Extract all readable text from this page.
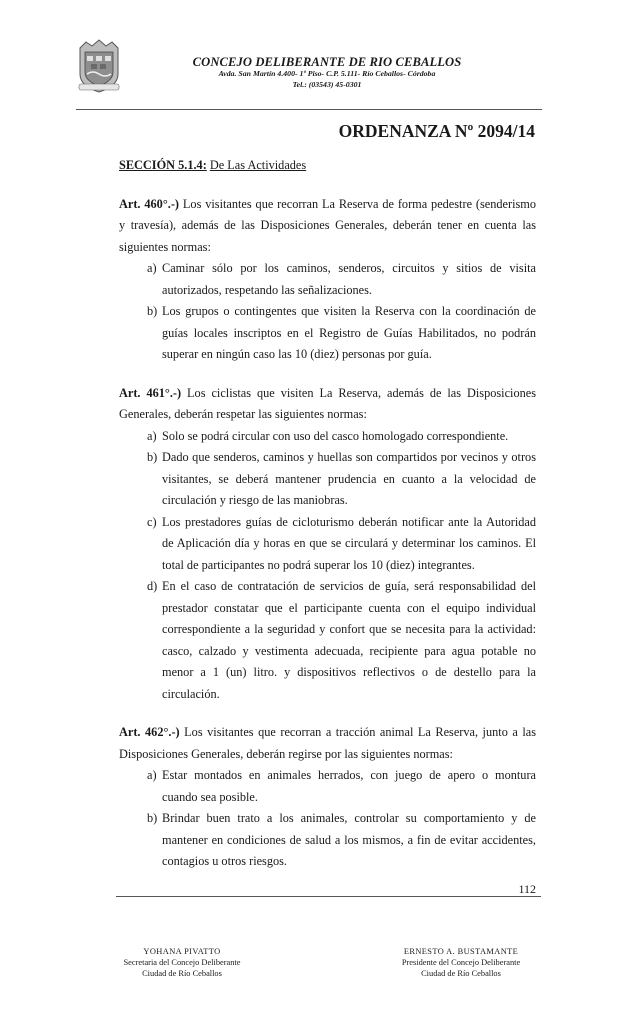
CONCEJO DELIBERANTE DE RIO CEBALLOS
Avda. San Martín 4.400- 1º Piso- C.P. 5.111- Río Ceballos- Córdoba
Tel.: (03543) 45-0301
ORDENANZA Nº 2094/14

SECCIÓN 5.1.4: De Las Actividades

Art. 460°.-) Los visitantes que recorran La Reserva de forma pedestre (senderismo y travesía), además de las Disposiciones Generales, deberán tener en cuenta las siguientes normas:

a) Caminar sólo por los caminos, senderos, circuitos y sitios de visita autorizados, respetando las señalizaciones.
b) Los grupos o contingentes que visiten la Reserva con la coordinación de guías locales inscriptos en el Registro de Guías Habilitados, no podrán superar en ningún caso las 10 (diez) personas por guía.

Art. 461°.-) Los ciclistas que visiten La Reserva, además de las Disposiciones Generales, deberán respetar las siguientes normas:

a) Solo se podrá circular con uso del casco homologado correspondiente.
b) Dado que senderos, caminos y huellas son compartidos por vecinos y otros visitantes, se deberá mantener prudencia en cuanto a la velocidad de circulación y riesgo de las maniobras.
c) Los prestadores guías de cicloturismo deberán notificar ante la Autoridad de Aplicación día y horas en que se circulará y determinar los caminos. El total de participantes no podrá superar los 10 (diez) integrantes.
d) En el caso de contratación de servicios de guía, será responsabilidad del prestador constatar que el participante cuenta con el equipo individual correspondiente a la seguridad y confort que se necesita para la actividad: casco, calzado y vestimenta adecuada, recipiente para agua potable no menor a 1 (un) litro. y dispositivos reflectivos o de destello para la circulación.

Art. 462°.-) Los visitantes que recorran a tracción animal La Reserva, junto a las Disposiciones Generales, deberán regirse por las siguientes normas:

a) Estar montados en animales herrados, con juego de apero o montura cuando sea posible.
b) Brindar buen trato a los animales, controlar su comportamiento y de mantener en condiciones de salud a los mismos, a fin de evitar accidentes, contagios u otros riesgos.
112
YOHANA PIVATTO
Secretaria del Concejo Deliberante
Ciudad de Río Ceballos
ERNESTO A. BUSTAMANTE
Presidente del Concejo Deliberante
Ciudad de Río Ceballos
